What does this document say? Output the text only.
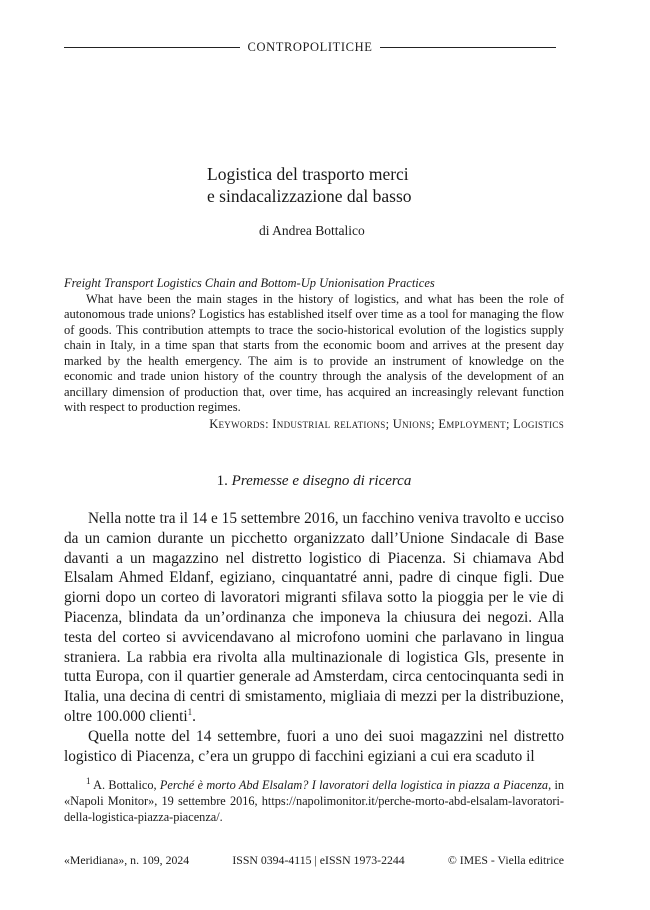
CONTROPOLITICHE
Logistica del trasporto merci
e sindacalizzazione dal basso
di Andrea Bottalico
Freight Transport Logistics Chain and Bottom-Up Unionisation Practices

What have been the main stages in the history of logistics, and what has been the role of autonomous trade unions? Logistics has established itself over time as a tool for managing the flow of goods. This contribution attempts to trace the socio-historical evolution of the logistics supply chain in Italy, in a time span that starts from the economic boom and arrives at the present day marked by the health emergency. The aim is to provide an instrument of knowledge on the economic and trade union history of the country through the analysis of the development of an ancillary dimension of production that, over time, has acquired an increasingly relevant function with respect to production regimes.

Keywords: Industrial relations; Unions; Employment; Logistics
1. Premesse e disegno di ricerca

Nella notte tra il 14 e 15 settembre 2016, un facchino veniva travolto e ucciso da un camion durante un picchetto organizzato dall’Unione Sindacale di Base davanti a un magazzino nel distretto logistico di Piacenza. Si chiamava Abd Elsalam Ahmed Eldanf, egiziano, cinquantatré anni, padre di cinque figli. Due giorni dopo un corteo di lavoratori migranti sfilava sotto la pioggia per le vie di Piacenza, blindata da un’ordinanza che imponeva la chiusura dei negozi. Alla testa del corteo si avvicendavano al microfono uomini che parlavano in lingua straniera. La rabbia era rivolta alla multinazionale di logistica Gls, presente in tutta Europa, con il quartier generale ad Amsterdam, circa centocinquanta sedi in Italia, una decina di centri di smistamento, migliaia di mezzi per la distribuzione, oltre 100.000 clienti$^1$.

Quella notte del 14 settembre, fuori a uno dei suoi magazzini nel distretto logistico di Piacenza, c’era un gruppo di facchini egiziani a cui era scaduto il

$^1$ A. Bottalico, Perché è morto Abd Elsalam? I lavoratori della logistica in piazza a Piacenza, in «Napoli Monitor», 19 settembre 2016, https://napolimonitor.it/perche-morto-abd-elsalam-lavoratori-della-logistica-piazza-piacenza/.
«Meridiana», n. 109, 2024	ISSN 0394-4115 | eISSN 1973-2244	© IMES - Viella editrice
